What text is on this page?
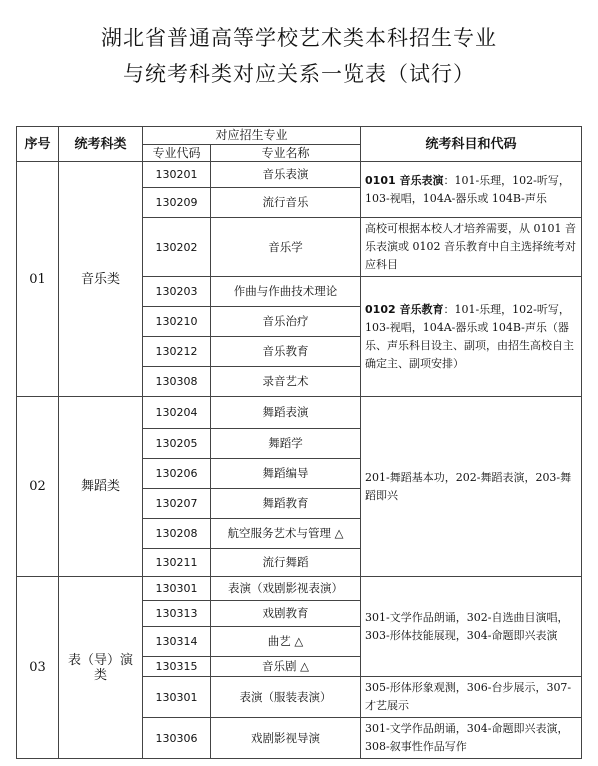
湖北省普通高等学校艺术类本科招生专业
与统考科类对应关系一览表（试行）
序号	统考科类	对应招生专业		统考科目和代码
		专业代码	专业名称	
01	音乐类	130201	音乐表演	0101 音乐表演：101-乐理，102-听写，103-视唱，104A-器乐或 104B-声乐
		130209	流行音乐	
		130202	音乐学	高校可根据本校人才培养需要，从 0101 音乐表演或 0102 音乐教育中自主选择统考对应科目
		130203	作曲与作曲技术理论	0102 音乐教育：101-乐理，102-听写，103-视唱，104A-器乐或 104B-声乐（器乐、声乐科目设主、副项，由招生高校自主确定主、副项安排）
		130210	音乐治疗	
		130212	音乐教育	
		130308	录音艺术	
02	舞蹈类	130204	舞蹈表演	201-舞蹈基本功，202-舞蹈表演，203-舞蹈即兴
		130205	舞蹈学	
		130206	舞蹈编导	
		130207	舞蹈教育	
		130208	航空服务艺术与管理 △	
		130211	流行舞蹈	
03	表（导）演类	130301	表演（戏剧影视表演）	301-文学作品朗诵，302-自选曲目演唱，303-形体技能展现，304-命题即兴表演
		130313	戏剧教育	
		130314	曲艺 △	
		130315	音乐剧 △	
		130301	表演（服装表演）	305-形体形象观测，306-台步展示，307-才艺展示
		130306	戏剧影视导演	301-文学作品朗诵，304-命题即兴表演，308-叙事性作品写作
